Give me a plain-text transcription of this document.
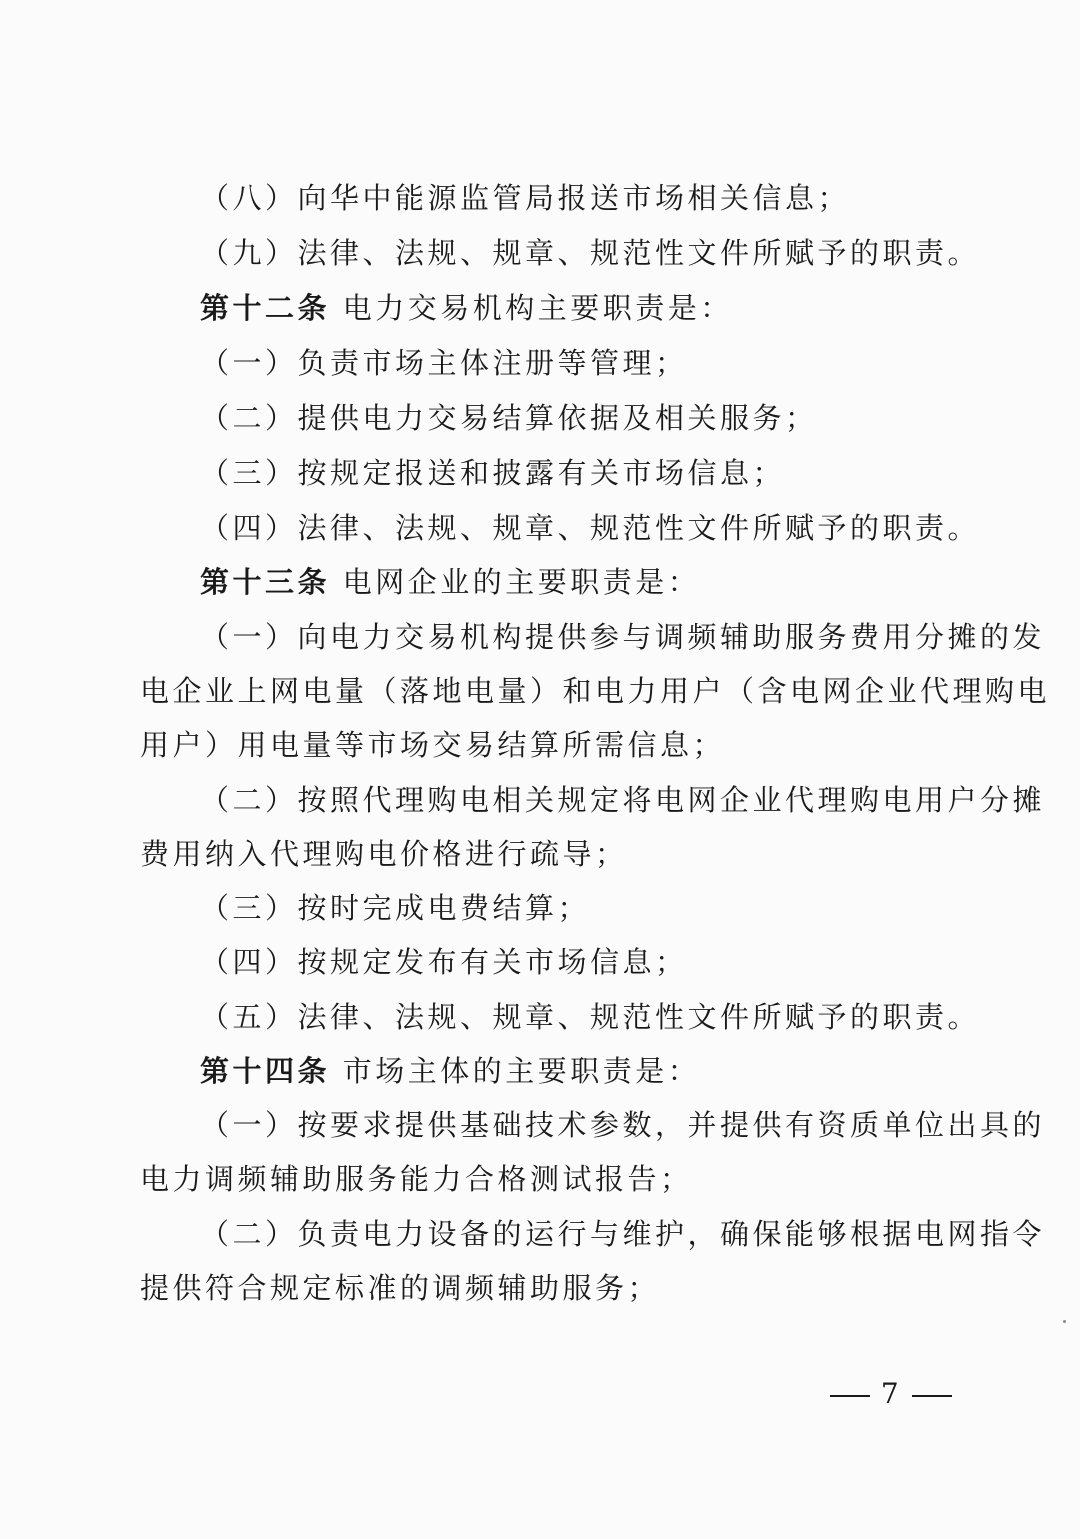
（八）向华中能源监管局报送市场相关信息；
（九）法律、法规、规章、规范性文件所赋予的职责。
第十二条 电力交易机构主要职责是：
（一）负责市场主体注册等管理；
（二）提供电力交易结算依据及相关服务；
（三）按规定报送和披露有关市场信息；
（四）法律、法规、规章、规范性文件所赋予的职责。
第十三条 电网企业的主要职责是：
（一）向电力交易机构提供参与调频辅助服务费用分摊的发
电企业上网电量（落地电量）和电力用户（含电网企业代理购电
用户）用电量等市场交易结算所需信息；
（二）按照代理购电相关规定将电网企业代理购电用户分摊
费用纳入代理购电价格进行疏导；
（三）按时完成电费结算；
（四）按规定发布有关市场信息；
（五）法律、法规、规章、规范性文件所赋予的职责。
第十四条 市场主体的主要职责是：
（一）按要求提供基础技术参数，并提供有资质单位出具的
电力调频辅助服务能力合格测试报告；
（二）负责电力设备的运行与维护，确保能够根据电网指令
提供符合规定标准的调频辅助服务；
7
